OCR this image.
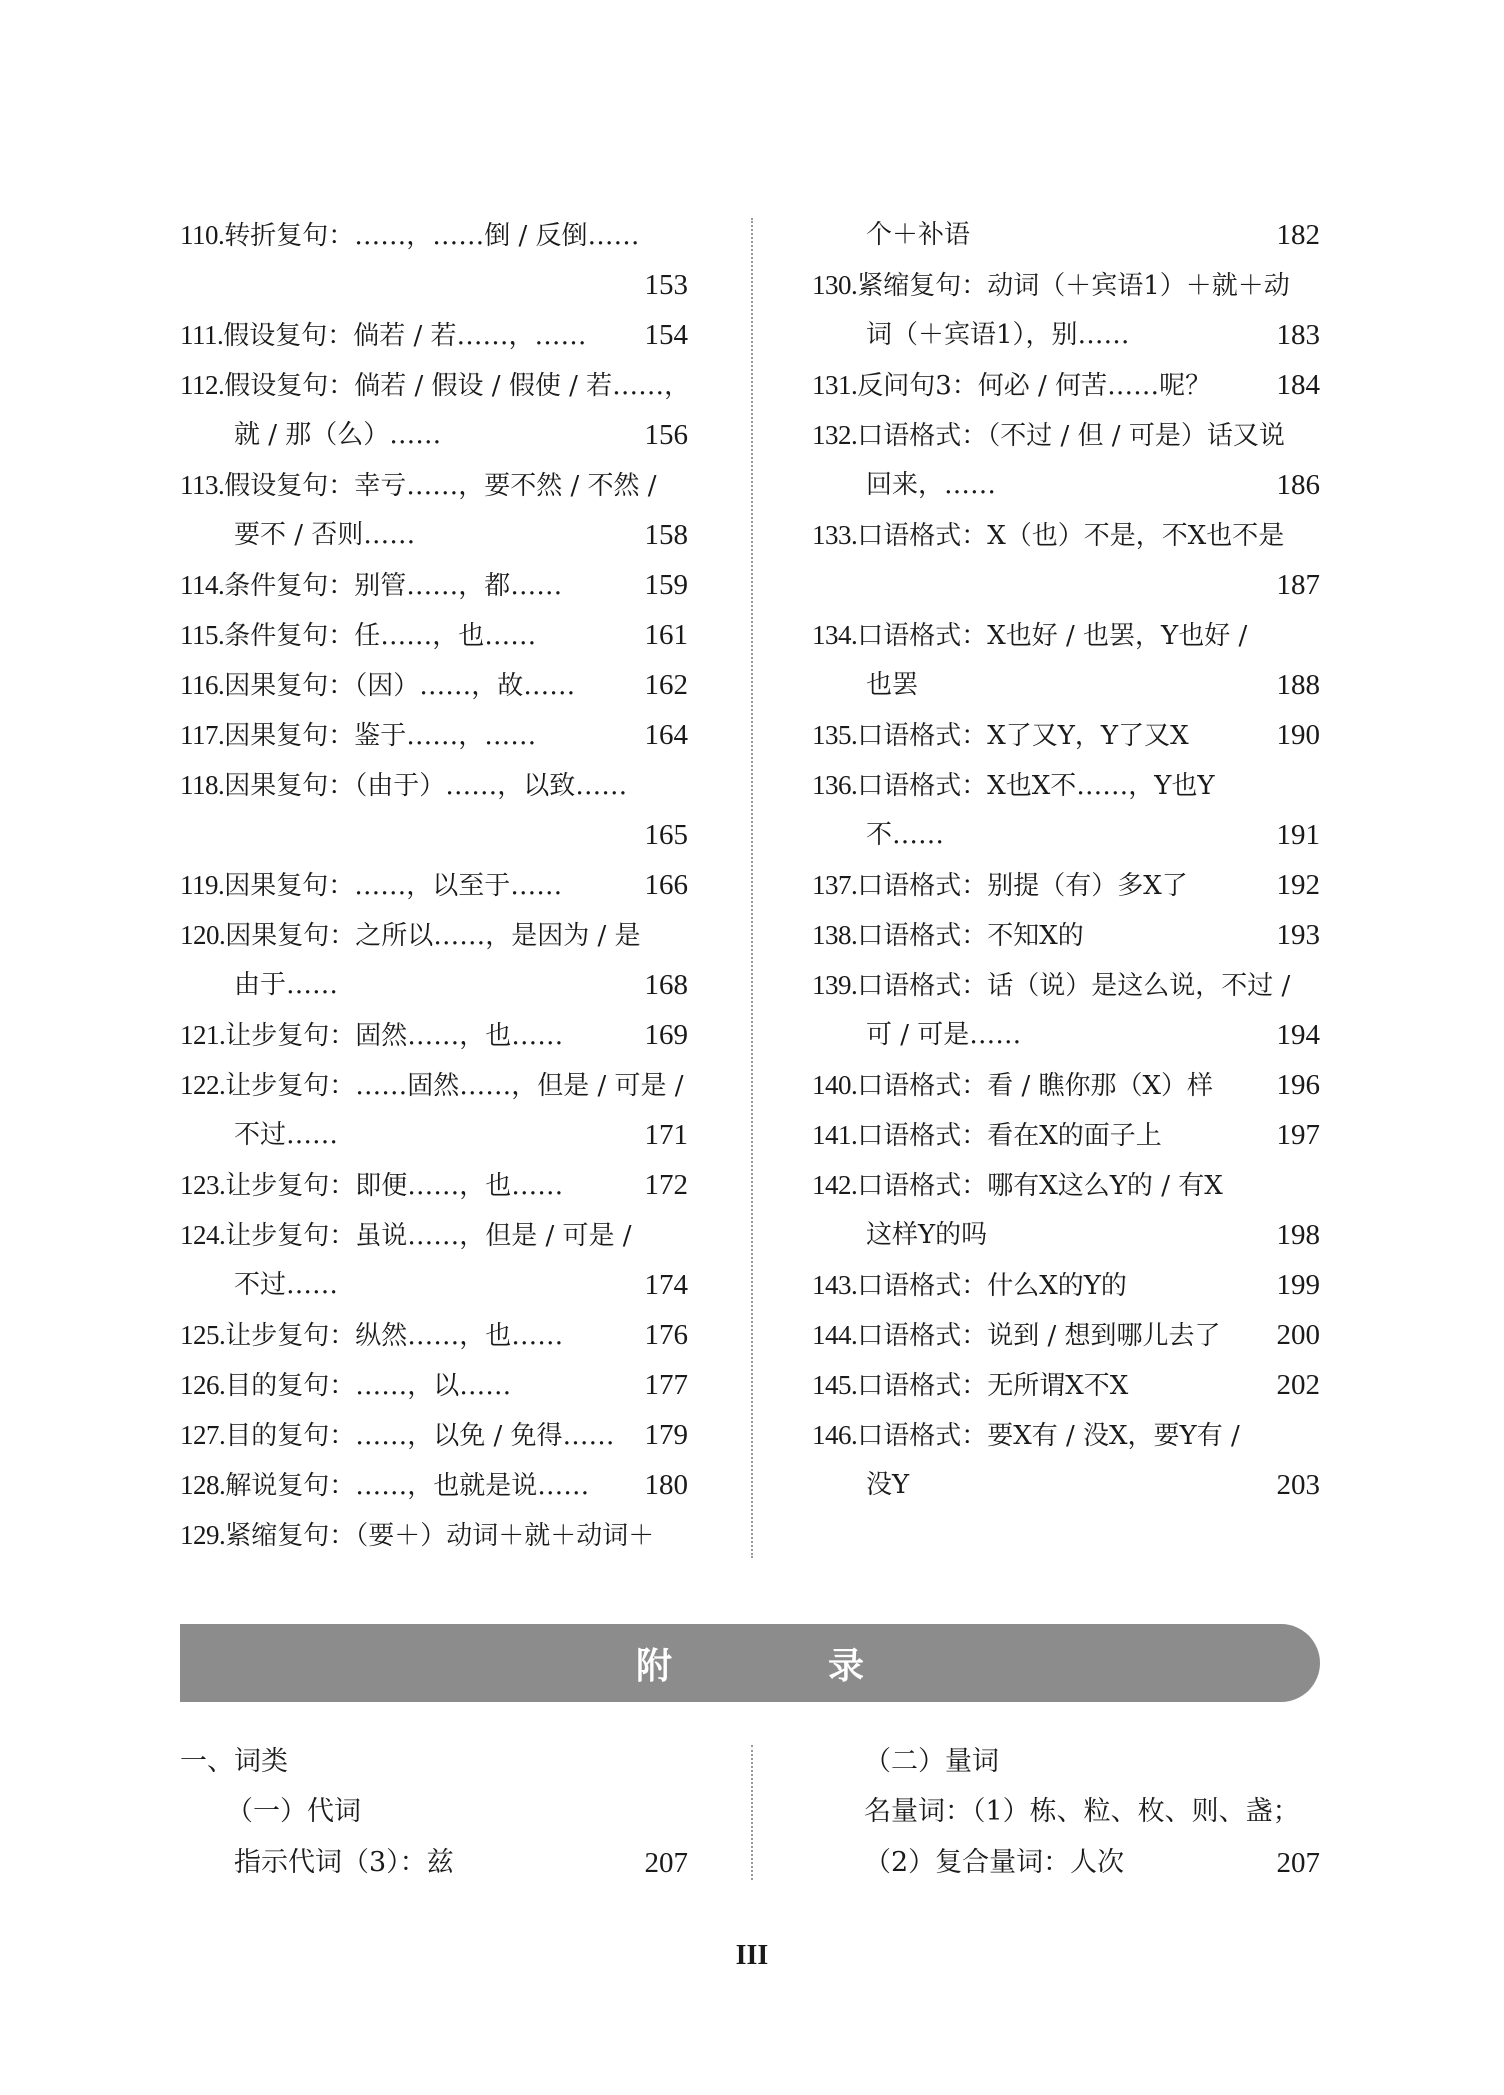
110.转折复句：……，……倒 / 反倒……
153
111.假设复句：倘若 / 若……，…… 154
112.假设复句：倘若 / 假设 / 假使 / 若……，
就 / 那（么）……	156
113.假设复句：幸亏……，要不然 / 不然 /
要不 / 否则……	158
114.条件复句：别管……，都……	159
115.条件复句：任……，也……	161
116.因果复句：（因）……，故…… 162
117.因果复句：鉴于……，……	164
118.因果复句：（由于）……，以致……
165
119.因果复句：……，以至于……	166
120.因果复句：之所以……，是因为 / 是
由于……	168
121.让步复句：固然……，也……	169
122.让步复句：……固然……，但是 / 可是 /
不过……	171
123.让步复句：即便……，也……	172
124.让步复句：虽说……，但是 / 可是 /
不过……	174
125.让步复句：纵然……，也……	176
126.目的复句：……，以……	177
127.目的复句：……，以免 / 免得…… 179
128.解说复句：……，也就是说…… 180
129.紧缩复句：（要＋）动词＋就＋动词＋
个＋补语	182
130.紧缩复句：动词（＋宾语1）＋就＋动
词（＋宾语1），别……	183
131.反问句3：何必 / 何苦……呢？ 184
132.口语格式：（不过 / 但 / 可是）话又说
回来，……	186
133.口语格式：X（也）不是，不X也不是
187
134.口语格式：X也好 / 也罢，Y也好 /
也罢	188
135.口语格式：X了又Y，Y了又X	190
136.口语格式：X也X不……，Y也Y
不……	191
137.口语格式：别提（有）多X了	192
138.口语格式：不知X的	193
139.口语格式：话（说）是这么说，不过 /
可 / 可是……	194
140.口语格式：看 / 瞧你那（X）样 196
141.口语格式：看在X的面子上	197
142.口语格式：哪有X这么Y的 / 有X
这样Y的吗	198
143.口语格式：什么X的Y的	199
144.口语格式：说到 / 想到哪儿去了 200
145.口语格式：无所谓X不X	202
146.口语格式：要X有 / 没X，要Y有 /
没Y	203
附　录
一、词类
（一）代词
指示代词（3）：兹	207
（二）量词
名量词：（1）栋、粒、枚、则、盏；
（2）复合量词：人次	207
III
